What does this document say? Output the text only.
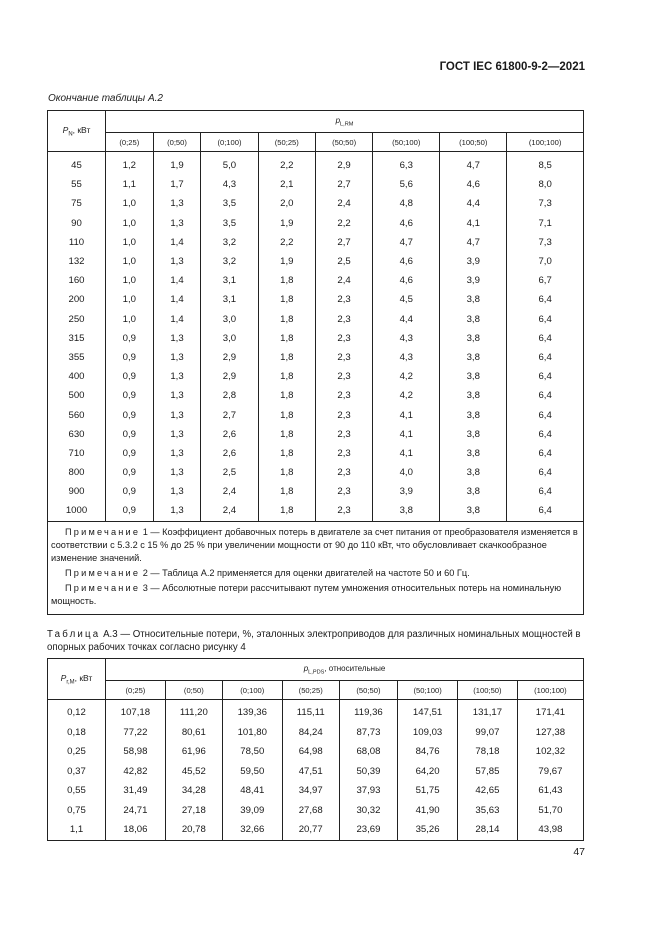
ГОСТ IEC 61800-9-2—2021
Окончание таблицы А.2
$P_N$, кВт	$p_{L,RM}$
	(0;25)	(0;50)	(0;100)	(50;25)	(50;50)	(50;100)	(100;50)	(100;100)

45	1,2	1,9	5,0	2,2	2,9	6,3	4,7	8,5
55	1,1	1,7	4,3	2,1	2,7	5,6	4,6	8,0
75	1,0	1,3	3,5	2,0	2,4	4,8	4,4	7,3
90	1,0	1,3	3,5	1,9	2,2	4,6	4,1	7,1
110	1,0	1,4	3,2	2,2	2,7	4,7	4,7	7,3
132	1,0	1,3	3,2	1,9	2,5	4,6	3,9	7,0
160	1,0	1,4	3,1	1,8	2,4	4,6	3,9	6,7
200	1,0	1,4	3,1	1,8	2,3	4,5	3,8	6,4
250	1,0	1,4	3,0	1,8	2,3	4,4	3,8	6,4
315	0,9	1,3	3,0	1,8	2,3	4,3	3,8	6,4
355	0,9	1,3	2,9	1,8	2,3	4,3	3,8	6,4
400	0,9	1,3	2,9	1,8	2,3	4,2	3,8	6,4
500	0,9	1,3	2,8	1,8	2,3	4,2	3,8	6,4
560	0,9	1,3	2,7	1,8	2,3	4,1	3,8	6,4
630	0,9	1,3	2,6	1,8	2,3	4,1	3,8	6,4
710	0,9	1,3	2,6	1,8	2,3	4,1	3,8	6,4
800	0,9	1,3	2,5	1,8	2,3	4,0	3,8	6,4
900	0,9	1,3	2,4	1,8	2,3	3,9	3,8	6,4
1000	0,9	1,3	2,4	1,8	2,3	3,8	3,8	6,4

Примечание 1 — Коэффициент добавочных потерь в двигателе за счет питания от преобразователя изменяется в соответствии с 5.3.2 с 15 % до 25 % при увеличении мощности от 90 до 110 кВт, что обусловливает скачкообразное изменение значений.

Примечание 2 — Таблица А.2 применяется для оценки двигателей на частоте 50 и 60 Гц.

Примечание 3 — Абсолютные потери рассчитывают путем умножения относительных потерь на номинальную мощность.								

Таблица А.3 — Относительные потери, %, эталонных электроприводов для различных номинальных мощностей в опорных рабочих точках согласно рисунку 4
$P_{r,M}$, кВт	$p_{L,PDS}$, относительные							
	(0;25)	(0;50)	(0;100)	(50;25)	(50;50)	(50;100)	(100;50)	(100;100)

0,12	107,18	111,20	139,36	115,11	119,36	147,51	131,17	171,41
0,18	77,22	80,61	101,80	84,24	87,73	109,03	99,07	127,38
0,25	58,98	61,96	78,50	64,98	68,08	84,76	78,18	102,32
0,37	42,82	45,52	59,50	47,51	50,39	64,20	57,85	79,67
0,55	31,49	34,28	48,41	34,97	37,93	51,75	42,65	61,43
0,75	24,71	27,18	39,09	27,68	30,32	41,90	35,63	51,70
1,1	18,06	20,78	32,66	20,77	23,69	35,26	28,14	43,98
47
